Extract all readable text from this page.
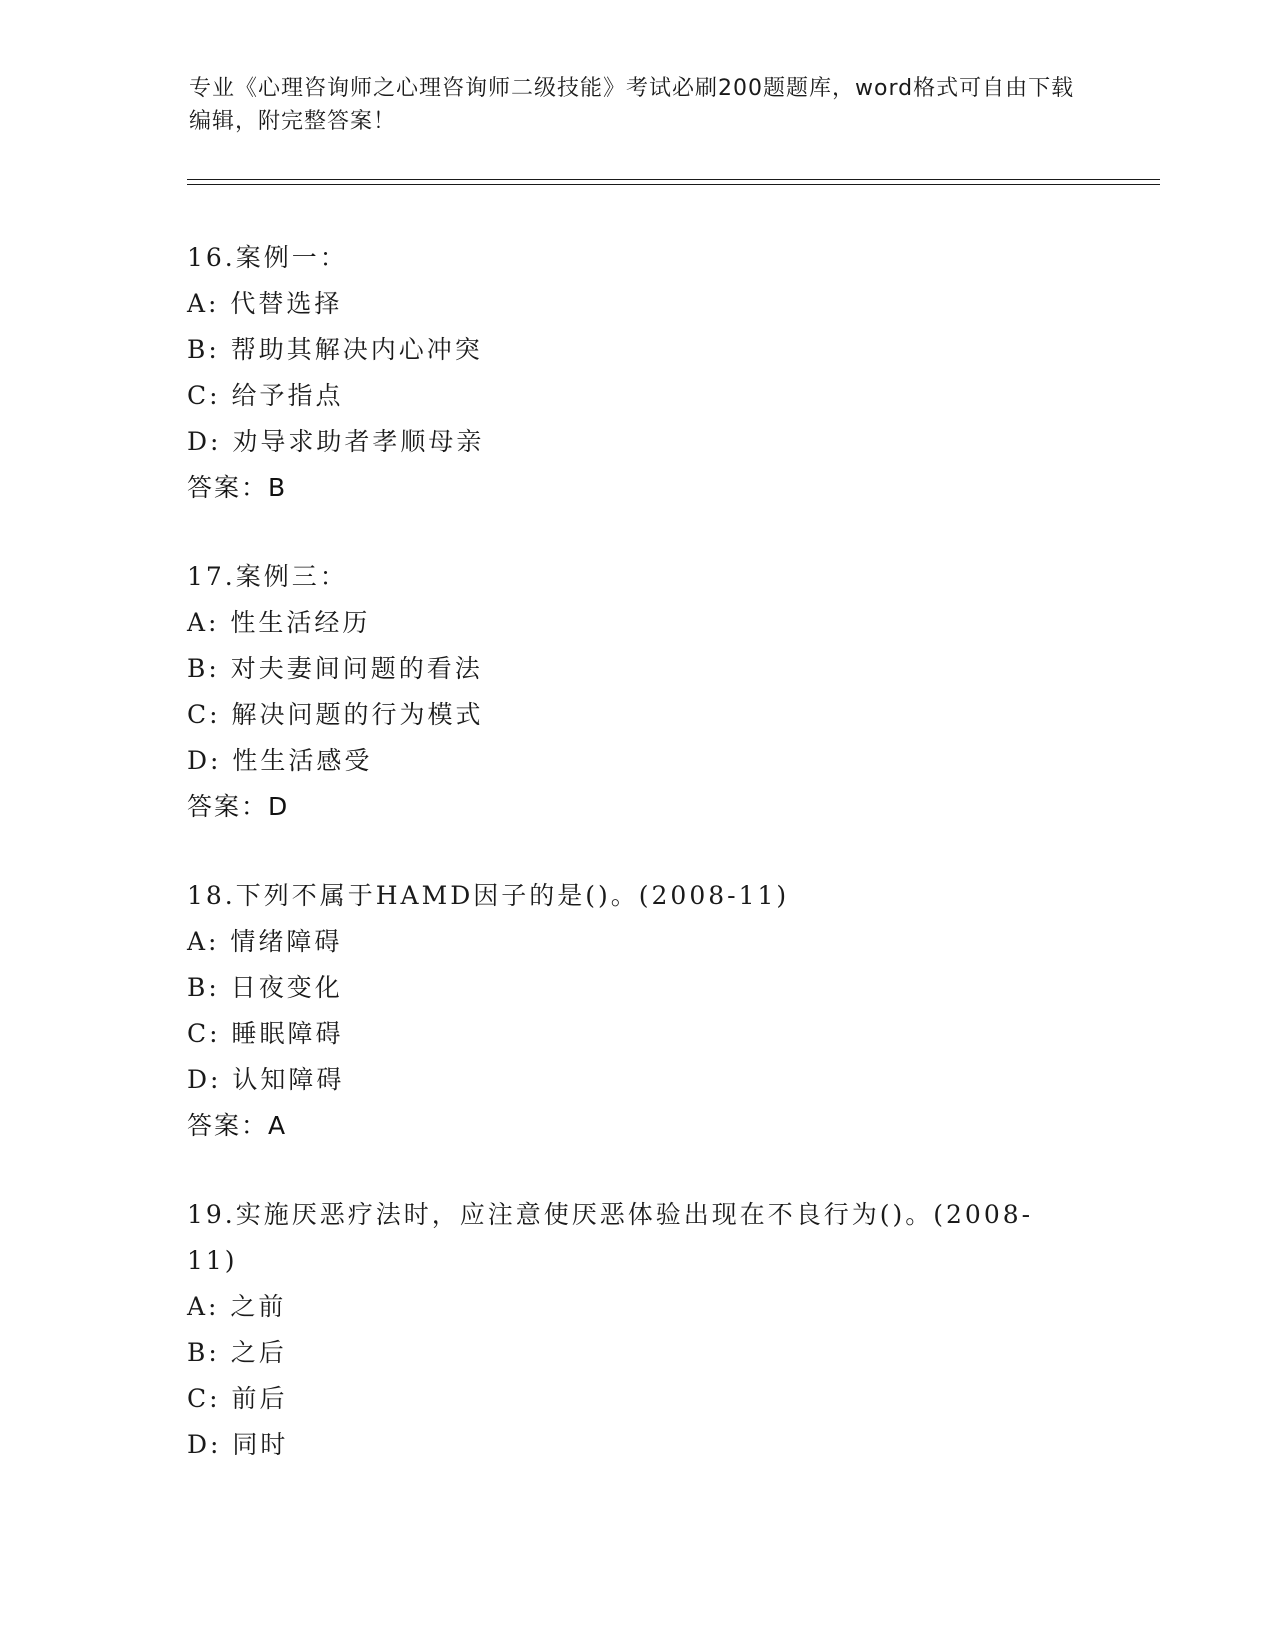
专业《心理咨询师之心理咨询师二级技能》考试必刷200题题库，word格式可自由下载编辑，附完整答案！
16.案例一：
A: 代替选择
B: 帮助其解决内心冲突
C: 给予指点
D: 劝导求助者孝顺母亲
答案：B
17.案例三：
A: 性生活经历
B: 对夫妻间问题的看法
C: 解决问题的行为模式
D: 性生活感受
答案：D
18.下列不属于HAMD因子的是()。(2008-11)
A: 情绪障碍
B: 日夜变化
C: 睡眠障碍
D: 认知障碍
答案：A
19.实施厌恶疗法时，应注意使厌恶体验出现在不良行为()。(2008-11)
A: 之前
B: 之后
C: 前后
D: 同时
